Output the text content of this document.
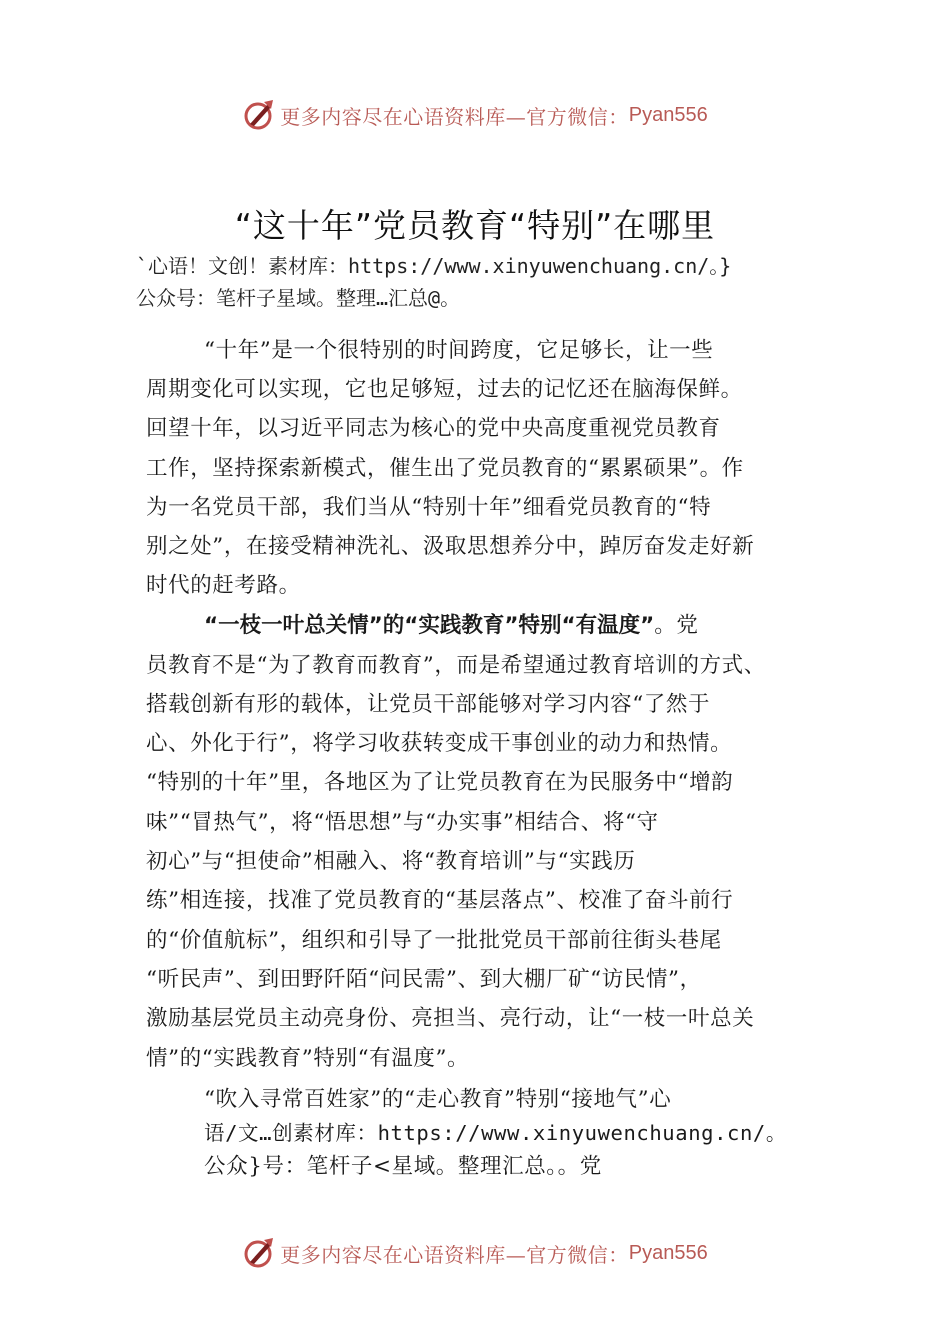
更多内容尽在心语资料库—官方微信： Pyan556
“这十年”党员教育“特别”在哪里
`心语！文创！素材库：https://www.xinyuwenchuang.cn/。}
公众号：笔杆子星域。整理…汇总@。
“十年”是一个很特别的时间跨度，它足够长，让一些
周期变化可以实现，它也足够短，过去的记忆还在脑海保鲜。
回望十年，以习近平同志为核心的党中央高度重视党员教育
工作，坚持探索新模式，催生出了党员教育的“累累硕果”。作
为一名党员干部，我们当从“特别十年”细看党员教育的“特
别之处”，在接受精神洗礼、汲取思想养分中，踔厉奋发走好新
时代的赶考路。
“一枝一叶总关情”的“实践教育”特别“有温度”。党
员教育不是“为了教育而教育”，而是希望通过教育培训的方式、
搭载创新有形的载体，让党员干部能够对学习内容“了然于
心、外化于行”，将学习收获转变成干事创业的动力和热情。
“特别的十年”里，各地区为了让党员教育在为民服务中“增韵
味”“冒热气”，将“悟思想”与“办实事”相结合、将“守
初心”与“担使命”相融入、将“教育培训”与“实践历
练”相连接，找准了党员教育的“基层落点”、校准了奋斗前行
的“价值航标”，组织和引导了一批批党员干部前往街头巷尾
“听民声”、到田野阡陌“问民需”、到大棚厂矿“访民情”，
激励基层党员主动亮身份、亮担当、亮行动，让“一枝一叶总关
情”的“实践教育”特别“有温度”。
“吹入寻常百姓家”的“走心教育”特别“接地气”心
语/文…创素材库：https://www.xinyuwenchuang.cn/。
公众}号：笔杆子<星域。整理汇总。。党
更多内容尽在心语资料库—官方微信： Pyan556
